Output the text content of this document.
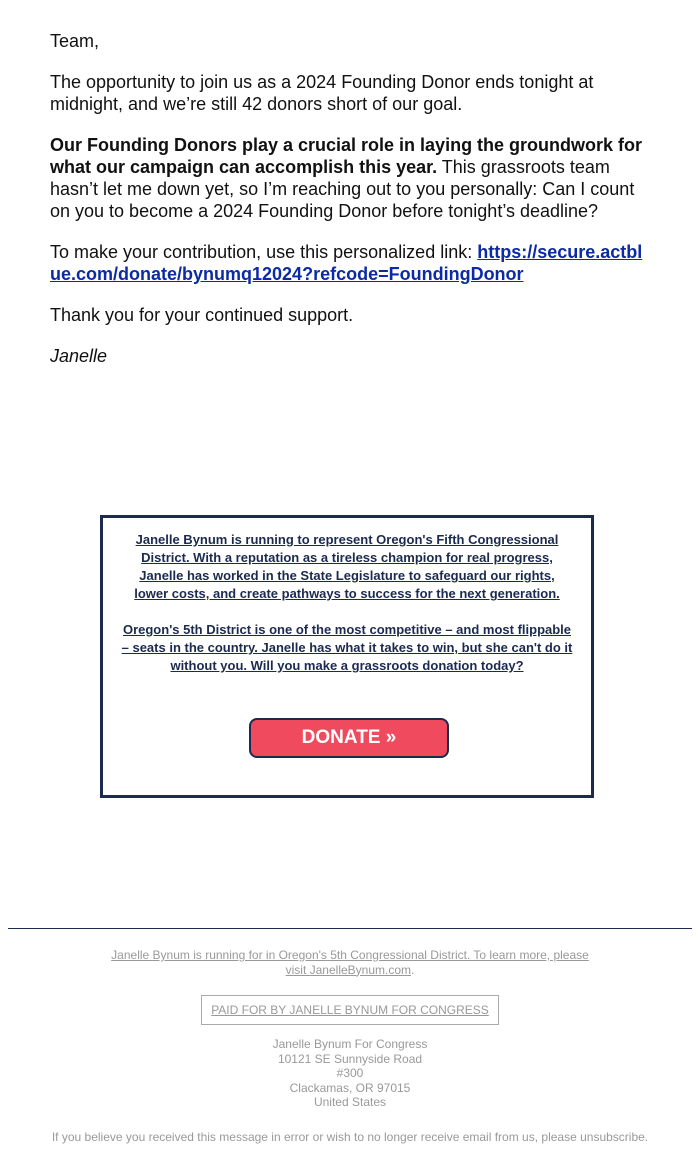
Team,

The opportunity to join us as a 2024 Founding Donor ends tonight at midnight, and we’re still 42 donors short of our goal.

Our Founding Donors play a crucial role in laying the groundwork for what our campaign can accomplish this year. This grassroots team hasn’t let me down yet, so I’m reaching out to you personally: Can I count on you to become a 2024 Founding Donor before tonight’s deadline?

To make your contribution, use this personalized link: https://secure.actblue.com/donate/bynumq12024?refcode=FoundingDonor

Thank you for your continued support.

Janelle

Janelle Bynum is running to represent Oregon's Fifth Congressional District. With a reputation as a tireless champion for real progress, Janelle has worked in the State Legislature to safeguard our rights, lower costs, and create pathways to success for the next generation.

Oregon's 5th District is one of the most competitive – and most flippable – seats in the country. Janelle has what it takes to win, but she can't do it without you. Will you make a grassroots donation today?

DONATE »
Janelle Bynum is running for in Oregon's 5th Congressional District. To learn more, please visit JanelleBynum.com.
PAID FOR BY JANELLE BYNUM FOR CONGRESS
Janelle Bynum For Congress
10121 SE Sunnyside Road
#300
Clackamas, OR 97015
United States
If you believe you received this message in error or wish to no longer receive email from us, please unsubscribe.
